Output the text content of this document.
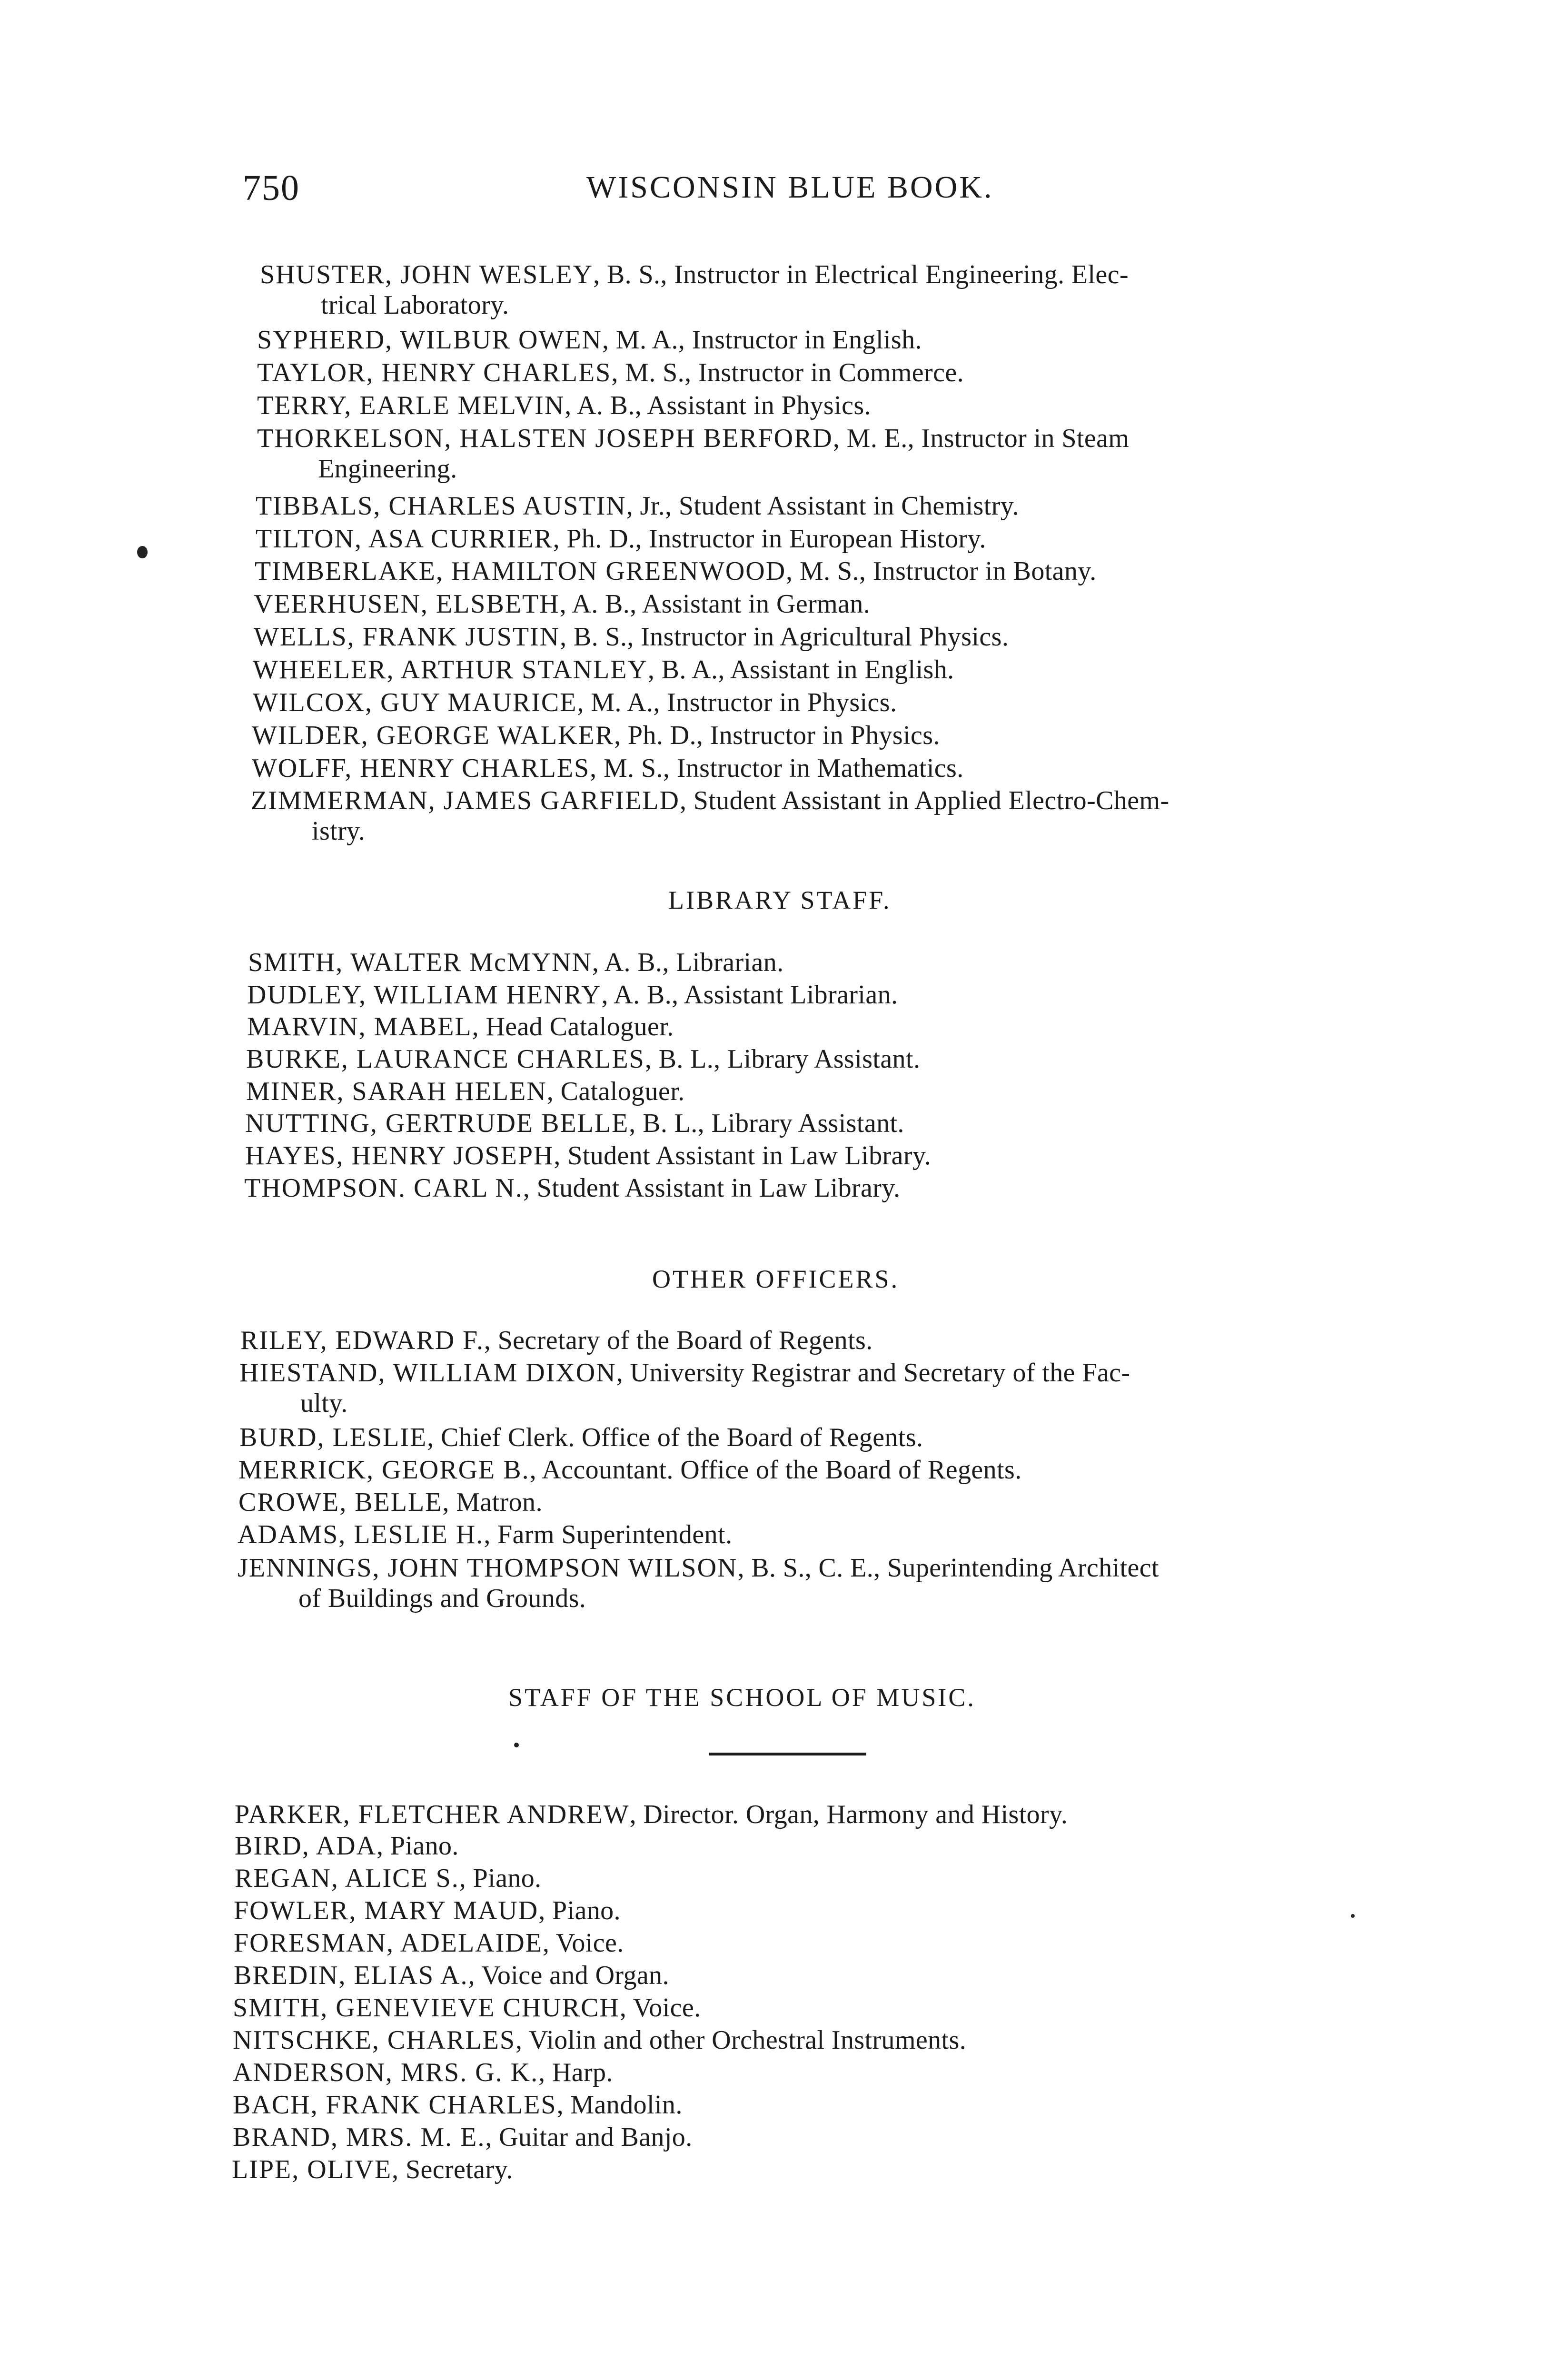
750	WISCONSIN BLUE BOOK.
SHUSTER, JOHN WESLEY, B. S., Instructor in Electrical Engineering. Elec-
trical Laboratory.
SYPHERD, WILBUR OWEN, M. A., Instructor in English.
TAYLOR, HENRY CHARLES, M. S., Instructor in Commerce.
TERRY, EARLE MELVIN, A. B., Assistant in Physics.
THORKELSON, HALSTEN JOSEPH BERFORD, M. E., Instructor in Steam
Engineering.
TIBBALS, CHARLES AUSTIN, Jr., Student Assistant in Chemistry.
TILTON, ASA CURRIER, Ph. D., Instructor in European History.
TIMBERLAKE, HAMILTON GREENWOOD, M. S., Instructor in Botany.
VEERHUSEN, ELSBETH, A. B., Assistant in German.
WELLS, FRANK JUSTIN, B. S., Instructor in Agricultural Physics.
WHEELER, ARTHUR STANLEY, B. A., Assistant in English.
WILCOX, GUY MAURICE, M. A., Instructor in Physics.
WILDER, GEORGE WALKER, Ph. D., Instructor in Physics.
WOLFF, HENRY CHARLES, M. S., Instructor in Mathematics.
ZIMMERMAN, JAMES GARFIELD, Student Assistant in Applied Electro-Chem-
istry.
LIBRARY STAFF.
SMITH, WALTER McMYNN, A. B., Librarian.
DUDLEY, WILLIAM HENRY, A. B., Assistant Librarian.
MARVIN, MABEL, Head Cataloguer.
BURKE, LAURANCE CHARLES, B. L., Library Assistant.
MINER, SARAH HELEN, Cataloguer.
NUTTING, GERTRUDE BELLE, B. L., Library Assistant.
HAYES, HENRY JOSEPH, Student Assistant in Law Library.
THOMPSON. CARL N., Student Assistant in Law Library.
OTHER OFFICERS.
RILEY, EDWARD F., Secretary of the Board of Regents.
HIESTAND, WILLIAM DIXON, University Registrar and Secretary of the Fac-
ulty.
BURD, LESLIE, Chief Clerk. Office of the Board of Regents.
MERRICK, GEORGE B., Accountant. Office of the Board of Regents.
CROWE, BELLE, Matron.
ADAMS, LESLIE H., Farm Superintendent.
JENNINGS, JOHN THOMPSON WILSON, B. S., C. E., Superintending Architect
of Buildings and Grounds.
STAFF OF THE SCHOOL OF MUSIC.
PARKER, FLETCHER ANDREW, Director. Organ, Harmony and History.
BIRD, ADA, Piano.
REGAN, ALICE S., Piano.
FOWLER, MARY MAUD, Piano.
FORESMAN, ADELAIDE, Voice.
BREDIN, ELIAS A., Voice and Organ.
SMITH, GENEVIEVE CHURCH, Voice.
NITSCHKE, CHARLES, Violin and other Orchestral Instruments.
ANDERSON, MRS. G. K., Harp.
BACH, FRANK CHARLES, Mandolin.
BRAND, MRS. M. E., Guitar and Banjo.
LIPE, OLIVE, Secretary.
